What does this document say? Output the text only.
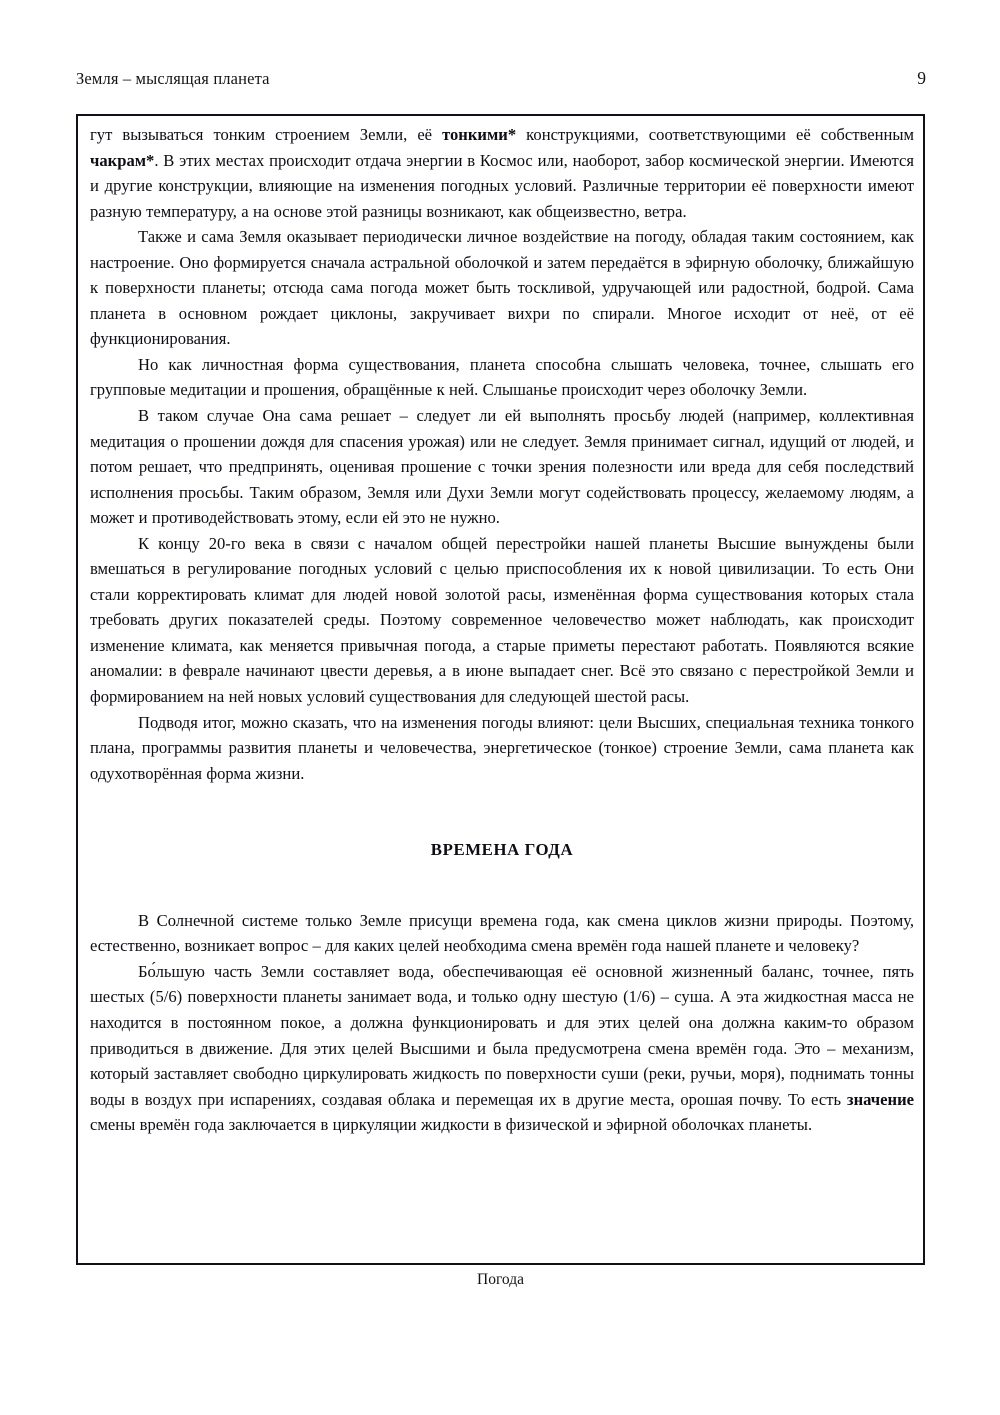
Земля – мыслящая планета	9

гут вызываться тонким строением Земли, её тонкими* конструкциями, соответствующими её собственным чакрам*. В этих местах происходит отдача энергии в Космос или, наоборот, забор космической энергии. Имеются и другие конструкции, влияющие на изменения погодных условий. Различные территории её поверхности имеют разную температуру, а на основе этой разницы возникают, как общеизвестно, ветра.

Также и сама Земля оказывает периодически личное воздействие на погоду, обладая таким состоянием, как настроение. Оно формируется сначала астральной оболочкой и затем передаётся в эфирную оболочку, ближайшую к поверхности планеты; отсюда сама погода может быть тоскливой, удручающей или радостной, бодрой. Сама планета в основном рождает циклоны, закручивает вихри по спирали. Многое исходит от неё, от её функционирования.

Но как личностная форма существования, планета способна слышать человека, точнее, слышать его групповые медитации и прошения, обращённые к ней. Слышанье происходит через оболочку Земли.

В таком случае Она сама решает – следует ли ей выполнять просьбу людей (например, коллективная медитация о прошении дождя для спасения урожая) или не следует. Земля принимает сигнал, идущий от людей, и потом решает, что предпринять, оценивая прошение с точки зрения полезности или вреда для себя последствий исполнения просьбы. Таким образом, Земля или Духи Земли могут содействовать процессу, желаемому людям, а может и противодействовать этому, если ей это не нужно.

К концу 20-го века в связи с началом общей перестройки нашей планеты Высшие вынуждены были вмешаться в регулирование погодных условий с целью приспособления их к новой цивилизации. То есть Они стали корректировать климат для людей новой золотой расы, изменённая форма существования которых стала требовать других показателей среды. Поэтому современное человечество может наблюдать, как происходит изменение климата, как меняется привычная погода, а старые приметы перестают работать. Появляются всякие аномалии: в феврале начинают цвести деревья, а в июне выпадает снег. Всё это связано с перестройкой Земли и формированием на ней новых условий существования для следующей шестой расы.

Подводя итог, можно сказать, что на изменения погоды влияют: цели Высших, специальная техника тонкого плана, программы развития планеты и человечества, энергетическое (тонкое) строение Земли, сама планета как одухотворённая форма жизни.

ВРЕМЕНА ГОДА

В Солнечной системе только Земле присущи времена года, как смена циклов жизни природы. Поэтому, естественно, возникает вопрос – для каких целей необходима смена времён года нашей планете и человеку?

Бо́льшую часть Земли составляет вода, обеспечивающая её основной жизненный баланс, точнее, пять шестых (5/6) поверхности планеты занимает вода, и только одну шестую (1/6) – суша. А эта жидкостная масса не находится в постоянном покое, а должна функционировать и для этих целей она должна каким-то образом приводиться в движение. Для этих целей Высшими и была предусмотрена смена времён года. Это – механизм, который заставляет свободно циркулировать жидкость по поверхности суши (реки, ручьи, моря), поднимать тонны воды в воздух при испарениях, создавая облака и перемещая их в другие места, орошая почву. То есть значение смены времён года заключается в циркуляции жидкости в физической и эфирной оболочках планеты.

Погода
